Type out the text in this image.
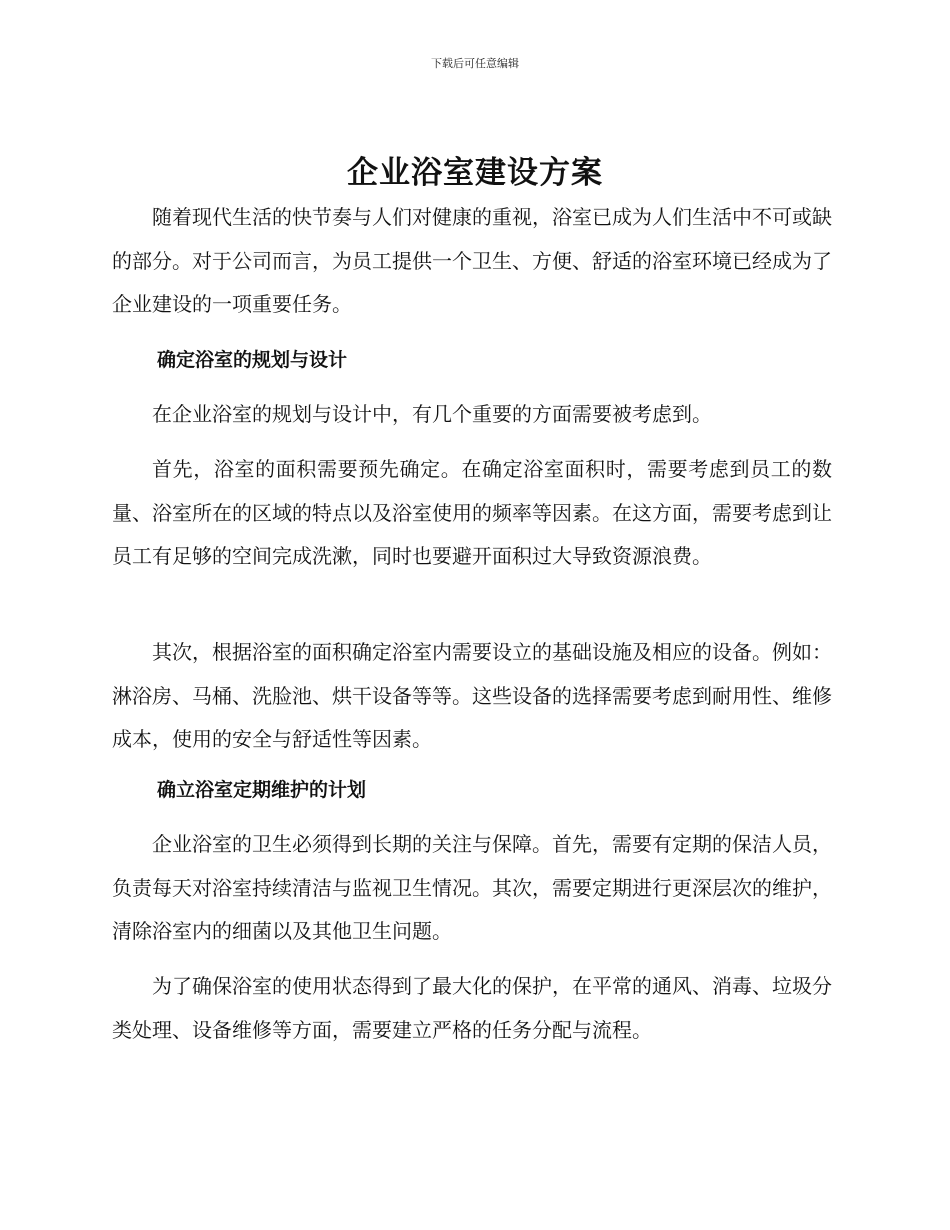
下载后可任意编辑
企业浴室建设方案

随着现代生活的快节奏与人们对健康的重视，浴室已成为人们生活中不可或缺的部分。对于公司而言，为员工提供一个卫生、方便、舒适的浴室环境已经成为了企业建设的一项重要任务。

确定浴室的规划与设计

在企业浴室的规划与设计中，有几个重要的方面需要被考虑到。

首先，浴室的面积需要预先确定。在确定浴室面积时，需要考虑到员工的数量、浴室所在的区域的特点以及浴室使用的频率等因素。在这方面，需要考虑到让员工有足够的空间完成洗漱，同时也要避开面积过大导致资源浪费。

其次，根据浴室的面积确定浴室内需要设立的基础设施及相应的设备。例如：淋浴房、马桶、洗脸池、烘干设备等等。这些设备的选择需要考虑到耐用性、维修成本，使用的安全与舒适性等因素。

确立浴室定期维护的计划

企业浴室的卫生必须得到长期的关注与保障。首先，需要有定期的保洁人员，负责每天对浴室持续清洁与监视卫生情况。其次，需要定期进行更深层次的维护，清除浴室内的细菌以及其他卫生问题。

为了确保浴室的使用状态得到了最大化的保护，在平常的通风、消毒、垃圾分类处理、设备维修等方面，需要建立严格的任务分配与流程。
